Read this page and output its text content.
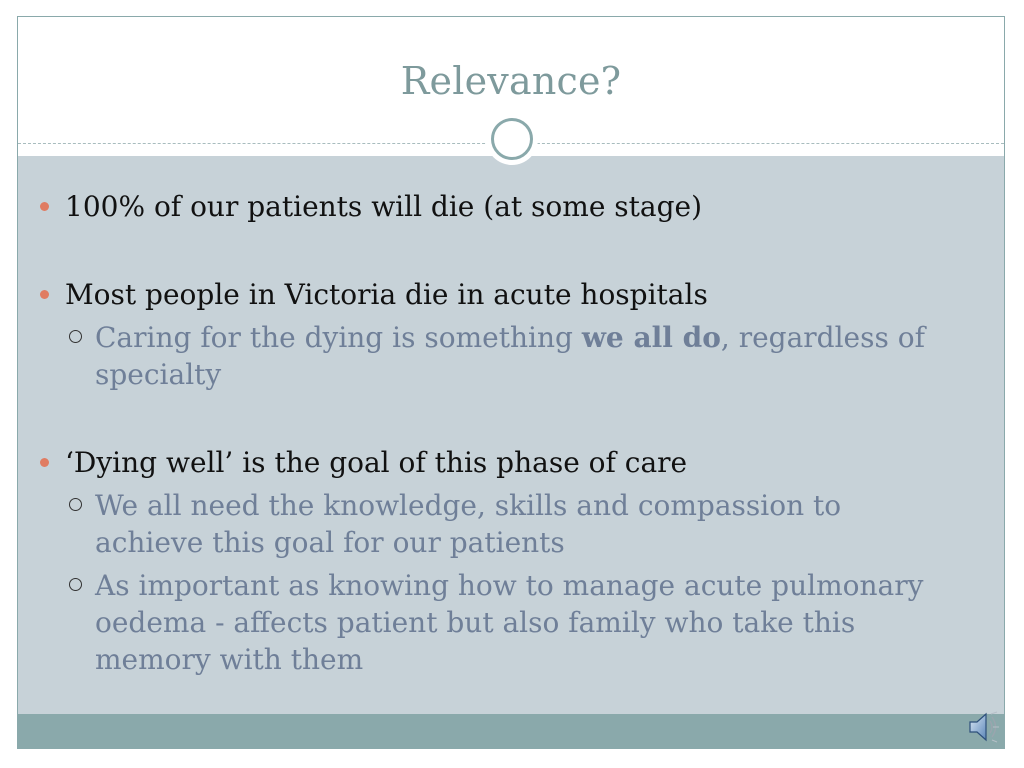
Relevance?
100% of our patients will die (at some stage)
Most people in Victoria die in acute hospitals
Caring for the dying is something we all do, regardless of specialty
‘Dying well’ is the goal of this phase of care
We all need the knowledge, skills and compassion to achieve this goal for our patients
As important as knowing how to manage acute pulmonary oedema - affects patient but also family who take this memory with them
